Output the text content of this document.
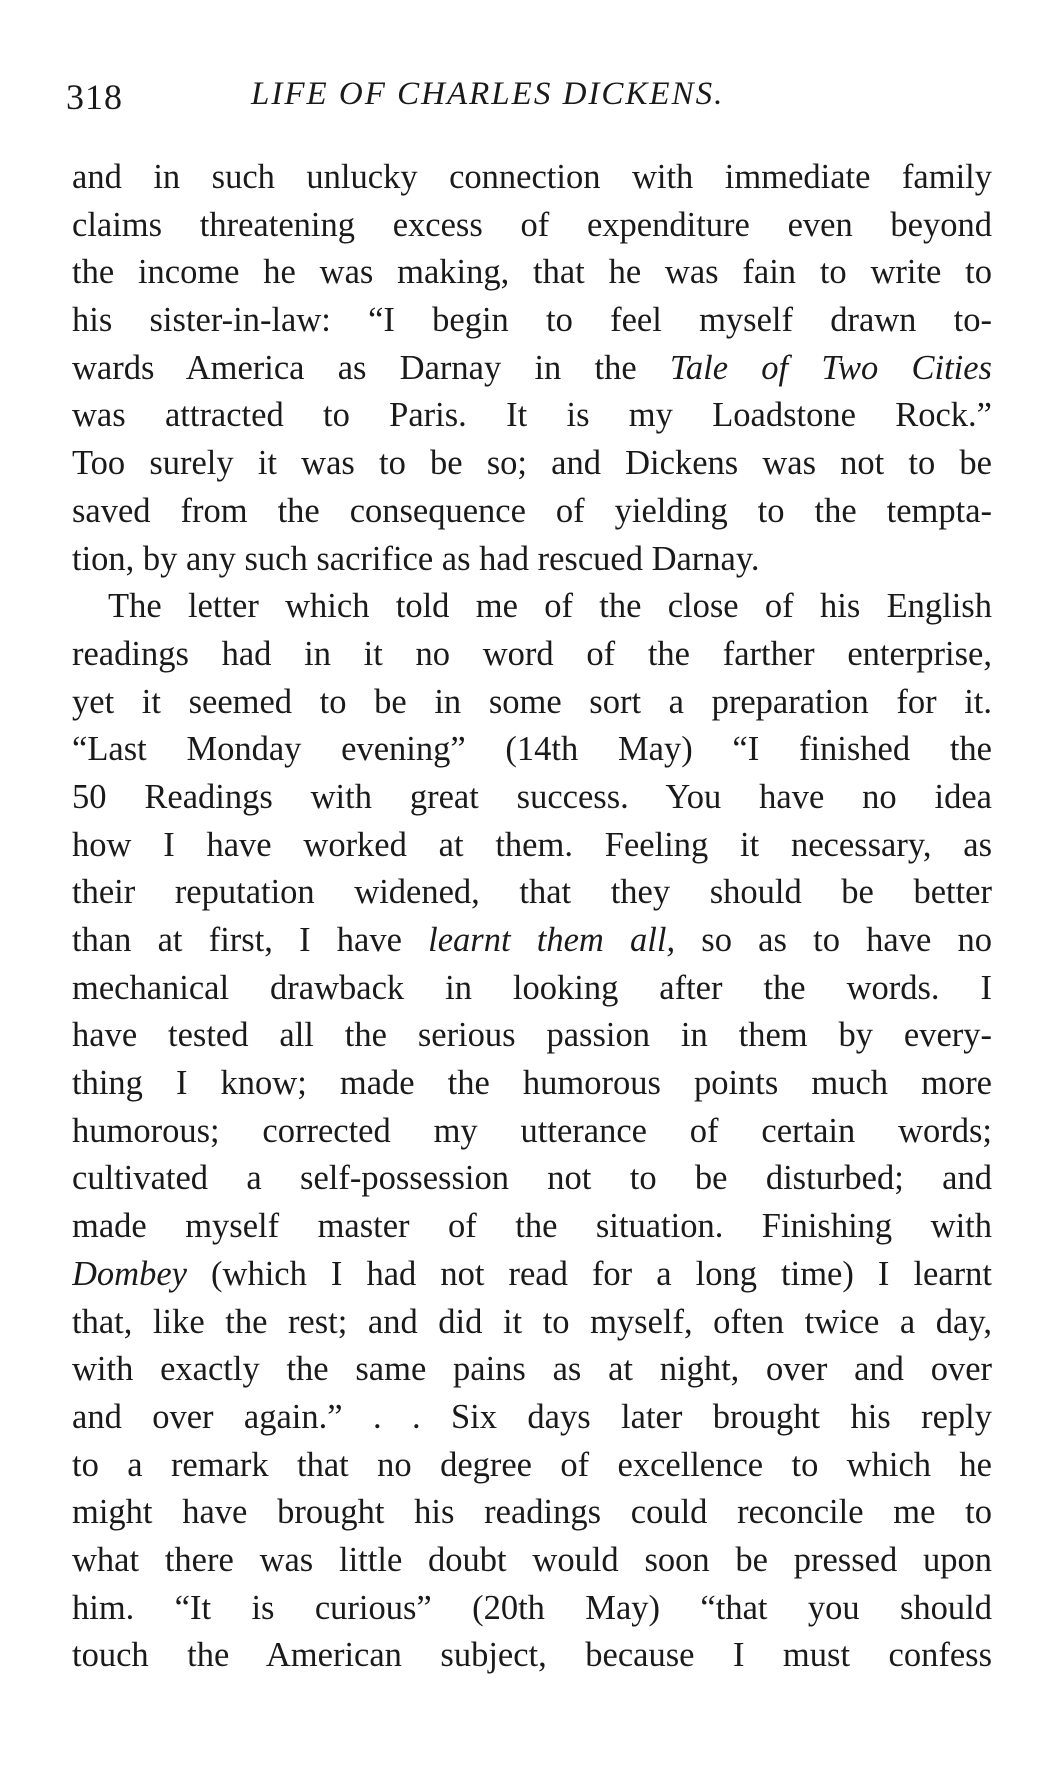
318	LIFE OF CHARLES DICKENS.
and in such unlucky connection with immediate family
claims threatening excess of expenditure even beyond
the income he was making, that he was fain to write to
his sister-in-law: “I begin to feel myself drawn to-
wards America as Darnay in the Tale of Two Cities
was attracted to Paris. It is my Loadstone Rock.”
Too surely it was to be so; and Dickens was not to be
saved from the consequence of yielding to the tempta-
tion, by any such sacrifice as had rescued Darnay.
The letter which told me of the close of his English
readings had in it no word of the farther enterprise,
yet it seemed to be in some sort a preparation for it.
“Last Monday evening” (14th May) “I finished the
50 Readings with great success. You have no idea
how I have worked at them. Feeling it necessary, as
their reputation widened, that they should be better
than at first, I have learnt them all, so as to have no
mechanical drawback in looking after the words. I
have tested all the serious passion in them by every-
thing I know; made the humorous points much more
humorous; corrected my utterance of certain words;
cultivated a self-possession not to be disturbed; and
made myself master of the situation. Finishing with
Dombey (which I had not read for a long time) I learnt
that, like the rest; and did it to myself, often twice a day,
with exactly the same pains as at night, over and over
and over again.” . . Six days later brought his reply
to a remark that no degree of excellence to which he
might have brought his readings could reconcile me to
what there was little doubt would soon be pressed upon
him. “It is curious” (20th May) “that you should
touch the American subject, because I must confess
